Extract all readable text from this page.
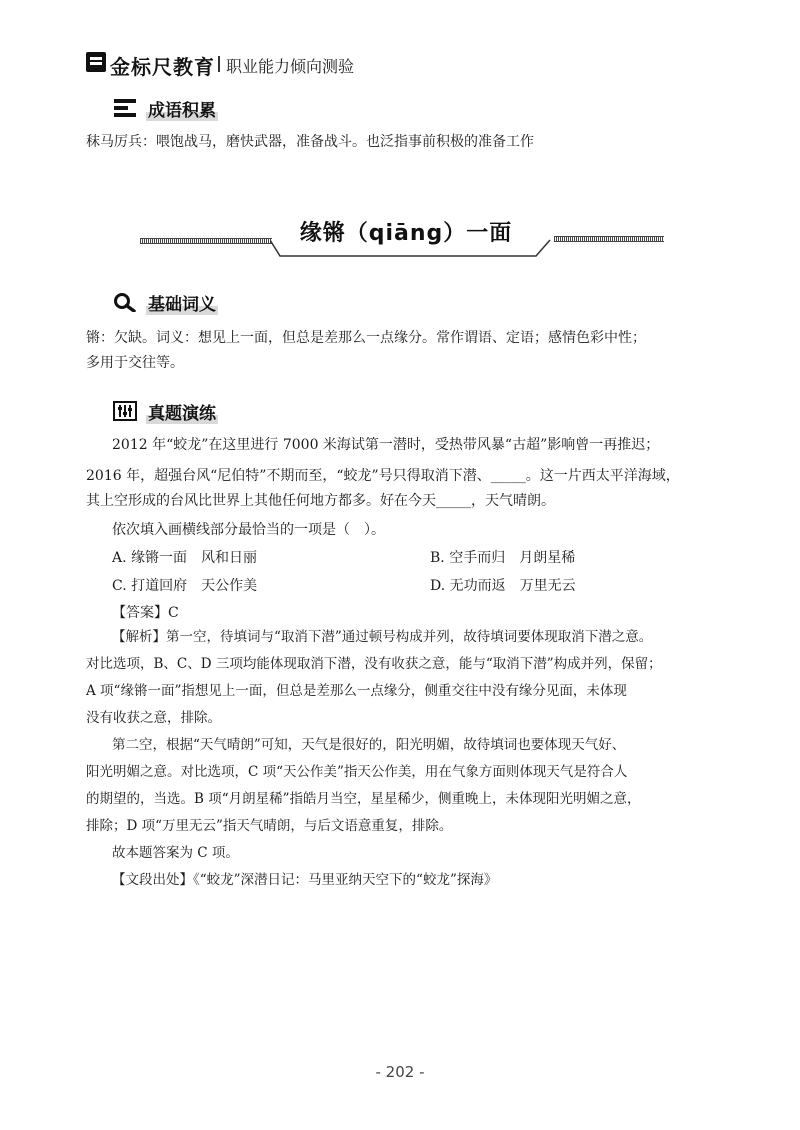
金标尺教育 职业能力倾向测验
成语积累
秣马厉兵：喂饱战马，磨快武器，准备战斗。也泛指事前积极的准备工作
缘锵（qiāng）一面
基础词义
锵：欠缺。词义：想见上一面，但总是差那么一点缘分。常作谓语、定语；感情色彩中性；
多用于交往等。
真题演练
2012 年“蛟龙”在这里进行 7000 米海试第一潜时，受热带风暴“古超”影响曾一再推迟；
2016 年，超强台风“尼伯特”不期而至，“蛟龙”号只得取消下潜、_____。这一片西太平洋海域，
其上空形成的台风比世界上其他任何地方都多。好在今天_____，天气晴朗。
依次填入画横线部分最恰当的一项是（　）。
A. 缘锵一面　风和日丽	B. 空手而归　月朗星稀
C. 打道回府　天公作美	D. 无功而返　万里无云
【答案】C
【解析】第一空，待填词与“取消下潜”通过顿号构成并列，故待填词要体现取消下潜之意。
对比选项，B、C、D 三项均能体现取消下潜，没有收获之意，能与“取消下潜”构成并列，保留；
A 项“缘锵一面”指想见上一面，但总是差那么一点缘分，侧重交往中没有缘分见面，未体现
没有收获之意，排除。
第二空，根据“天气晴朗”可知，天气是很好的，阳光明媚，故待填词也要体现天气好、
阳光明媚之意。对比选项，C 项“天公作美”指天公作美，用在气象方面则体现天气是符合人
的期望的，当选。B 项“月朗星稀”指皓月当空，星星稀少，侧重晚上，未体现阳光明媚之意，
排除；D 项“万里无云”指天气晴朗，与后文语意重复，排除。
故本题答案为 C 项。
【文段出处】《“蛟龙”深潜日记：马里亚纳天空下的“蛟龙”探海》
- 202 -
